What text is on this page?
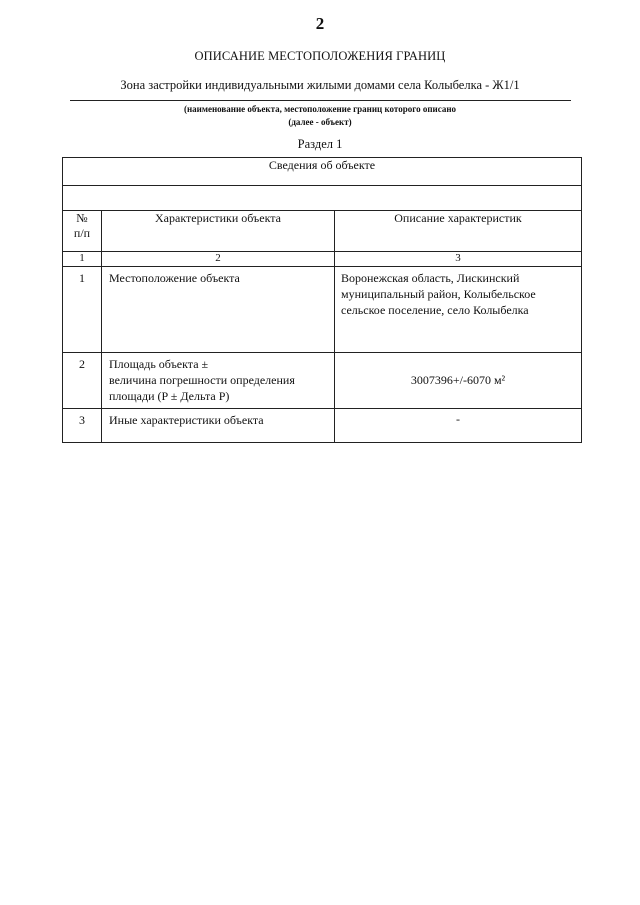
2
ОПИСАНИЕ МЕСТОПОЛОЖЕНИЯ ГРАНИЦ
Зона застройки индивидуальными жилыми домами села Колыбелка - Ж1/1
(наименование объекта, местоположение границ которого описано
(далее - объект)
Раздел 1
Сведения об объекте		

№
п/п	Характеристики объекта	Описание характеристик
1	2	3
1	Местоположение объекта	Воронежская область, Лискинский
муниципальный район, Колыбельское
сельское поселение, село Колыбелка

2	Площадь объекта ±
величина погрешности определения
площади (P ± Дельта P)	3007396+/-6070 м²
3	Иные характеристики объекта	-
